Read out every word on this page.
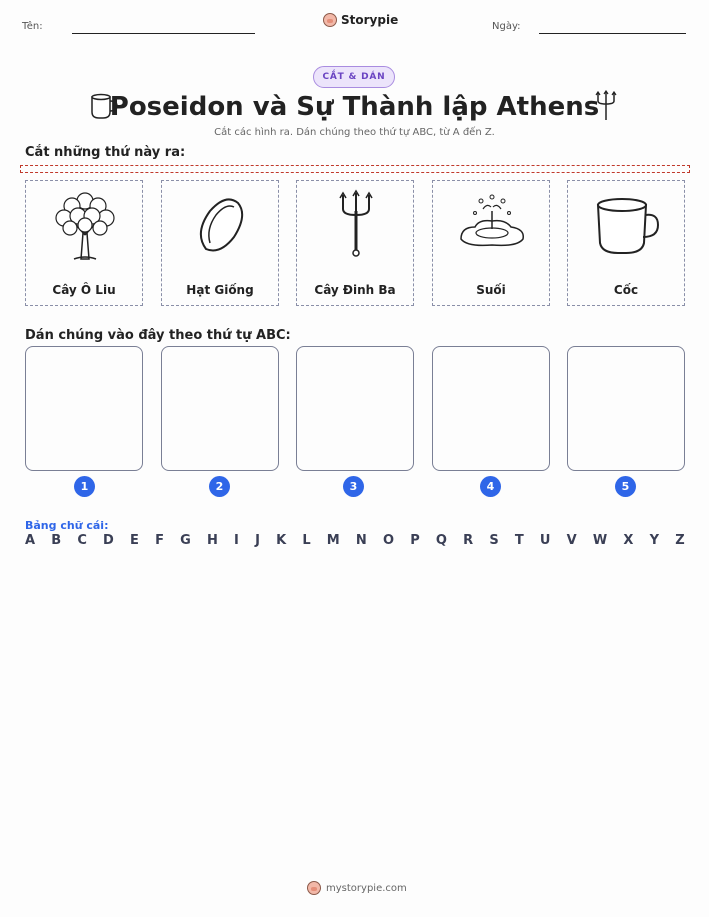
Tên:	Storypie	Ngày:
CẮT & DÁN
Poseidon và Sự Thành lập Athens
Cắt các hình ra. Dán chúng theo thứ tự ABC, từ A đến Z.
Cắt những thứ này ra:
Cây Ô Liu	Hạt Giống	Cây Đinh Ba	Suối	Cốc
Dán chúng vào đây theo thứ tự ABC:
1	2	3	4	5
Bảng chữ cái:
A B C D E F G H I J K L M N O P Q R S T U V W X Y Z
mystorypie.com
